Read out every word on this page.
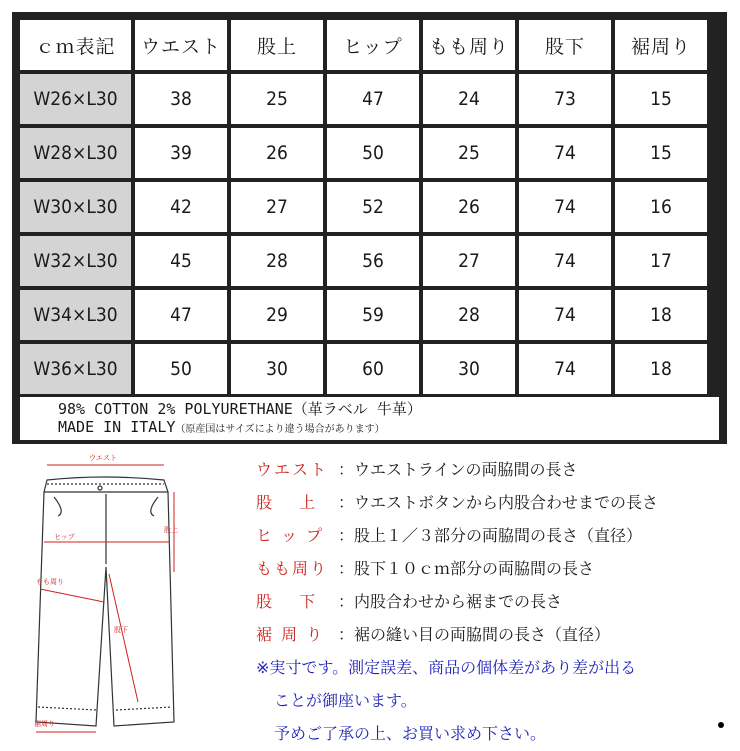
ｃｍ表記	ウエスト	股上	ヒップ	もも周り	股下	裾周り
W26×L30	38	25	47	24	73	15
W28×L30	39	26	50	25	74	15
W30×L30	42	27	52	26	74	16
W32×L30	45	28	56	27	74	17
W34×L30	47	29	59	28	74	18
W36×L30	50	30	60	30	74	18
98% COTTON 2% POLYURETHANE（革ラベル 牛革）
MADE IN ITALY（原産国はサイズにより違う場合があります）
ウエスト
股上
ヒップ
もも周り
股下
裾周り
ウエスト ：ウエストラインの両脇間の長さ
股　 上 ：ウエストボタンから内股合わせまでの長さ
ヒ ッ プ ：股上１／３部分の両脇間の長さ（直径）
もも周り ：股下１０ｃｍ部分の両脇間の長さ
股　 下 ：内股合わせから裾までの長さ
裾 周 り ：裾の縫い目の両脇間の長さ（直径）
※実寸です。測定誤差、商品の個体差があり差が出る
ことが御座います。
予めご了承の上、お買い求め下さい。
